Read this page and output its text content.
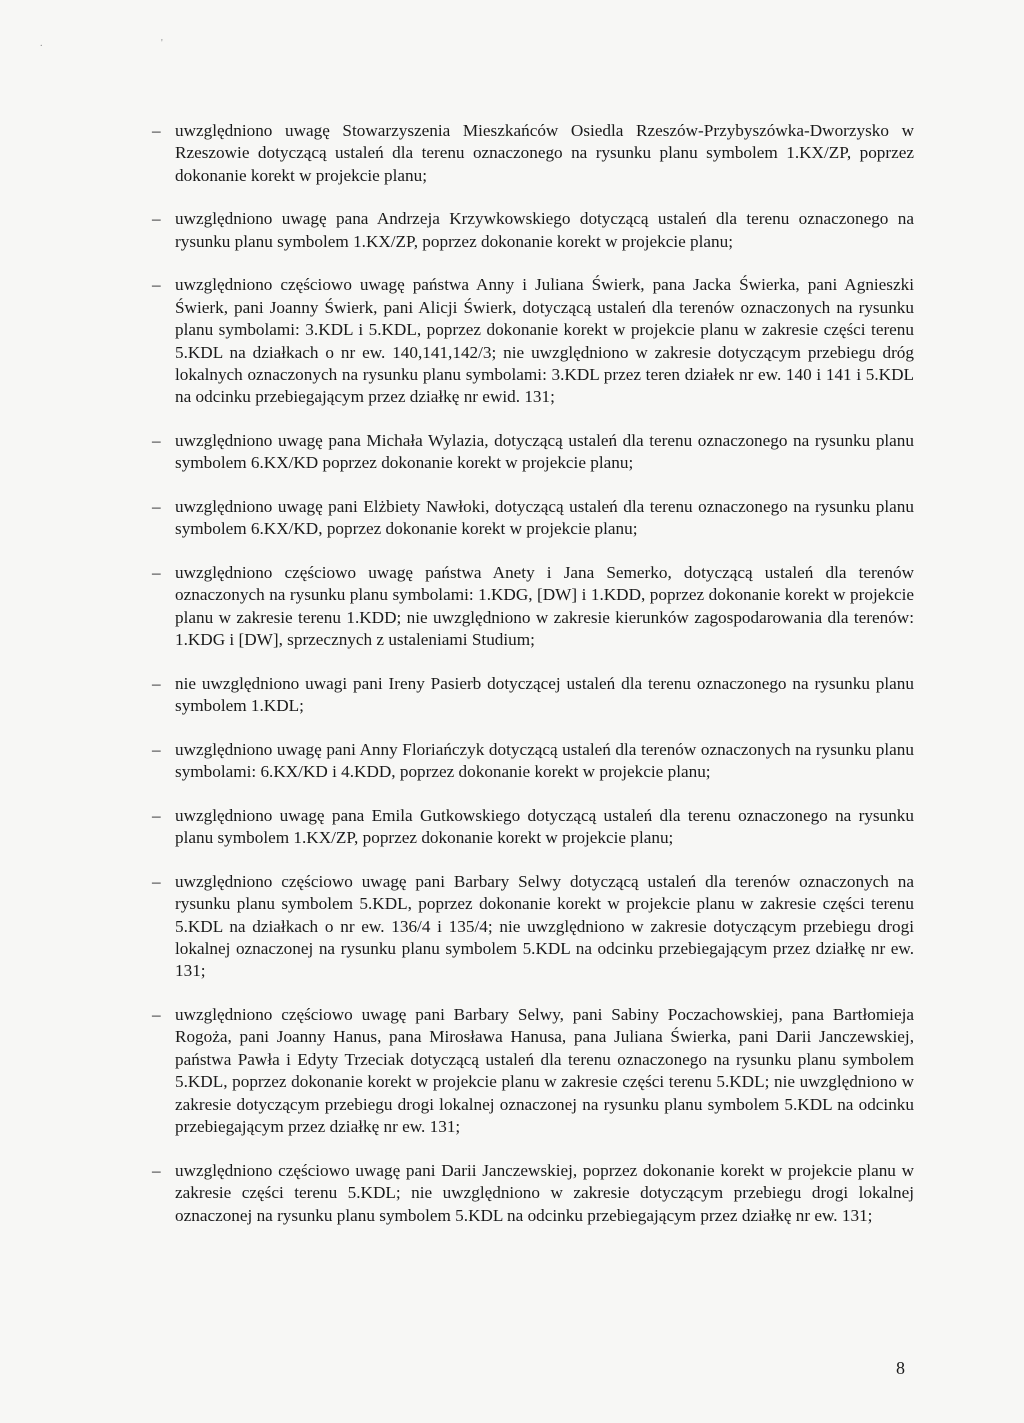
. '
– uwzględniono uwagę Stowarzyszenia Mieszkańców Osiedla Rzeszów-Przybyszówka-Dworzysko w Rzeszowie dotyczącą ustaleń dla terenu oznaczonego na rysunku planu symbolem 1.KX/ZP, poprzez dokonanie korekt w projekcie planu;
– uwzględniono uwagę pana Andrzeja Krzywkowskiego dotyczącą ustaleń dla terenu oznaczonego na rysunku planu symbolem 1.KX/ZP, poprzez dokonanie korekt w projekcie planu;
– uwzględniono częściowo uwagę państwa Anny i Juliana Świerk, pana Jacka Świerka, pani Agnieszki Świerk, pani Joanny Świerk, pani Alicji Świerk, dotyczącą ustaleń dla terenów oznaczonych na rysunku planu symbolami: 3.KDL i 5.KDL, poprzez dokonanie korekt w projekcie planu w zakresie części terenu 5.KDL na działkach o nr ew. 140,141,142/3; nie uwzględniono w zakresie dotyczącym przebiegu dróg lokalnych oznaczonych na rysunku planu symbolami: 3.KDL przez teren działek nr ew. 140 i 141 i 5.KDL na odcinku przebiegającym przez działkę nr ewid. 131;
– uwzględniono uwagę pana Michała Wylazia, dotyczącą ustaleń dla terenu oznaczonego na rysunku planu symbolem 6.KX/KD poprzez dokonanie korekt w projekcie planu;
– uwzględniono uwagę pani Elżbiety Nawłoki, dotyczącą ustaleń dla terenu oznaczonego na rysunku planu symbolem 6.KX/KD, poprzez dokonanie korekt w projekcie planu;
– uwzględniono częściowo uwagę państwa Anety i Jana Semerko, dotyczącą ustaleń dla terenów oznaczonych na rysunku planu symbolami: 1.KDG, [DW] i 1.KDD, poprzez dokonanie korekt w projekcie planu w zakresie terenu 1.KDD; nie uwzględniono w zakresie kierunków zagospodarowania dla terenów: 1.KDG i [DW], sprzecznych z ustaleniami Studium;
– nie uwzględniono uwagi pani Ireny Pasierb dotyczącej ustaleń dla terenu oznaczonego na rysunku planu symbolem 1.KDL;
– uwzględniono uwagę pani Anny Floriańczyk dotyczącą ustaleń dla terenów oznaczonych na rysunku planu symbolami: 6.KX/KD i 4.KDD, poprzez dokonanie korekt w projekcie planu;
– uwzględniono uwagę pana Emila Gutkowskiego dotyczącą ustaleń dla terenu oznaczonego na rysunku planu symbolem 1.KX/ZP, poprzez dokonanie korekt w projekcie planu;
– uwzględniono częściowo uwagę pani Barbary Selwy dotyczącą ustaleń dla terenów oznaczonych na rysunku planu symbolem 5.KDL, poprzez dokonanie korekt w projekcie planu w zakresie części terenu 5.KDL na działkach o nr ew. 136/4 i 135/4; nie uwzględniono w zakresie dotyczącym przebiegu drogi lokalnej oznaczonej na rysunku planu symbolem 5.KDL na odcinku przebiegającym przez działkę nr ew. 131;
– uwzględniono częściowo uwagę pani Barbary Selwy, pani Sabiny Poczachowskiej, pana Bartłomieja Rogoża, pani Joanny Hanus, pana Mirosława Hanusa, pana Juliana Świerka, pani Darii Janczewskiej, państwa Pawła i Edyty Trzeciak dotyczącą ustaleń dla terenu oznaczonego na rysunku planu symbolem 5.KDL, poprzez dokonanie korekt w projekcie planu w zakresie części terenu 5.KDL; nie uwzględniono w zakresie dotyczącym przebiegu drogi lokalnej oznaczonej na rysunku planu symbolem 5.KDL na odcinku przebiegającym przez działkę nr ew. 131;
– uwzględniono częściowo uwagę pani Darii Janczewskiej, poprzez dokonanie korekt w projekcie planu w zakresie części terenu 5.KDL; nie uwzględniono w zakresie dotyczącym przebiegu drogi lokalnej oznaczonej na rysunku planu symbolem 5.KDL na odcinku przebiegającym przez działkę nr ew. 131;
8
